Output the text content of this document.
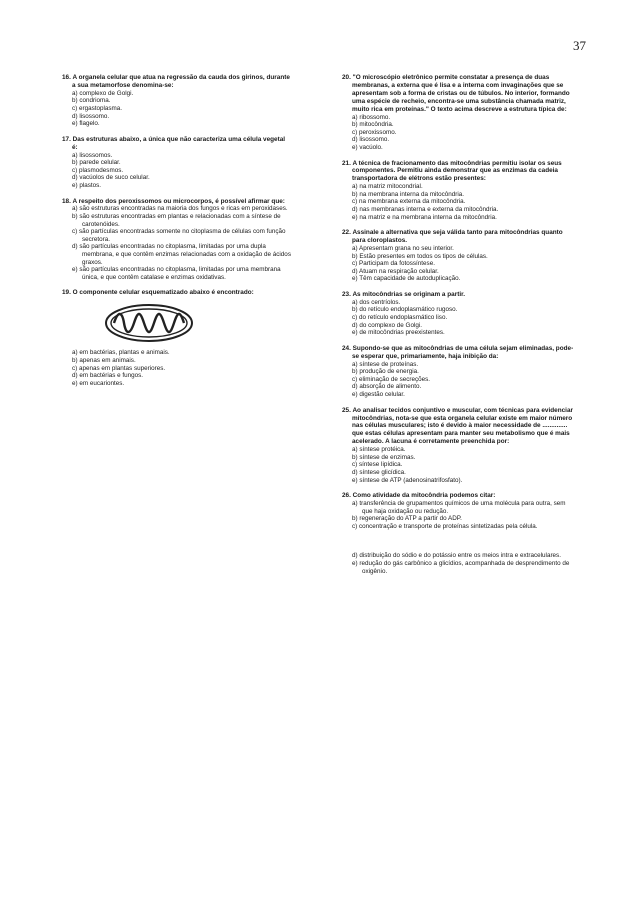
37
16. A organela celular que atua na regressão da cauda dos girinos, durante a sua metamorfose denomina-se:
a) complexo de Golgi.
b) condrioma.
c) ergastoplasma.
d) lisossomo.
e) flagelo.
17. Das estruturas abaixo, a única que não caracteriza uma célula vegetal é:
a) lisossomos.
b) parede celular.
c) plasmodesmos.
d) vacúolos de suco celular.
e) plastos.
18. A respeito dos peroxissomos ou microcorpos, é possível afirmar que:
a) são estruturas encontradas na maioria dos fungos e ricas em peroxidases.
b) são estruturas encontradas em plantas e relacionadas com a síntese de carotenóides.
c) são partículas encontradas somente no citoplasma de células com função secretora.
d) são partículas encontradas no citoplasma, limitadas por uma dupla membrana, e que contêm enzimas relacionadas com a oxidação de ácidos graxos.
e) são partículas encontradas no citoplasma, limitadas por uma membrana única, e que contêm catalase e enzimas oxidativas.
19. O componente celular esquematizado abaixo é encontrado:
a) em bactérias, plantas e animais.
b) apenas em animais.
c) apenas em plantas superiores.
d) em bactérias e fungos.
e) em eucariontes.
20. "O microscópio eletrônico permite constatar a presença de duas membranas, a externa que é lisa e a interna com invaginações que se apresentam sob a forma de cristas ou de túbulos. No interior, formando uma espécie de recheio, encontra-se uma substância chamada matriz, muito rica em proteínas." O texto acima descreve a estrutura típica de:
a) ribossomo.
b) mitocôndria.
c) peroxissomo.
d) lisossomo.
e) vacúolo.
21. A técnica de fracionamento das mitocôndrias permitiu isolar os seus componentes. Permitiu ainda demonstrar que as enzimas da cadeia transportadora de elétrons estão presentes:
a) na matriz mitocondrial.
b) na membrana interna da mitocôndria.
c) na membrana externa da mitocôndria.
d) nas membranas interna e externa da mitocôndria.
e) na matriz e na membrana interna da mitocôndria.
22. Assinale a alternativa que seja válida tanto para mitocôndrias quanto para cloroplastos.
a) Apresentam grana no seu interior.
b) Estão presentes em todos os tipos de células.
c) Participam da fotossíntese.
d) Atuam na respiração celular.
e) Têm capacidade de autoduplicação.
23. As mitocôndrias se originam a partir.
a) dos centríolos.
b) do retículo endoplasmático rugoso.
c) do retículo endoplasmático liso.
d) do complexo de Golgi.
e) de mitocôndrias preexistentes.
24. Supondo-se que as mitocôndrias de uma célula sejam eliminadas, pode-se esperar que, primariamente, haja inibição da:
a) síntese de proteínas.
b) produção de energia.
c) eliminação de secreções.
d) absorção de alimento.
e) digestão celular.
25. Ao analisar tecidos conjuntivo e muscular, com técnicas para evidenciar mitocôndrias, nota-se que esta organela celular existe em maior número nas células musculares; isto é devido à maior necessidade de .............. que estas células apresentam para manter seu metabolismo que é mais acelerado. A lacuna é corretamente preenchida por:
a) síntese protéica.
b) síntese de enzimas.
c) síntese lipídica.
d) síntese glicídica.
e) síntese de ATP (adenosinatrifosfato).
26. Como atividade da mitocôndria podemos citar:
a) transferência de grupamentos químicos de uma molécula para outra, sem que haja oxidação ou redução.
b) regeneração do ATP a partir do ADP.
c) concentração e transporte de proteínas sintetizadas pela célula.
d) distribuição do sódio e do potássio entre os meios intra e extracelulares.
e) redução do gás carbônico a glicídios, acompanhada de desprendimento de oxigênio.
